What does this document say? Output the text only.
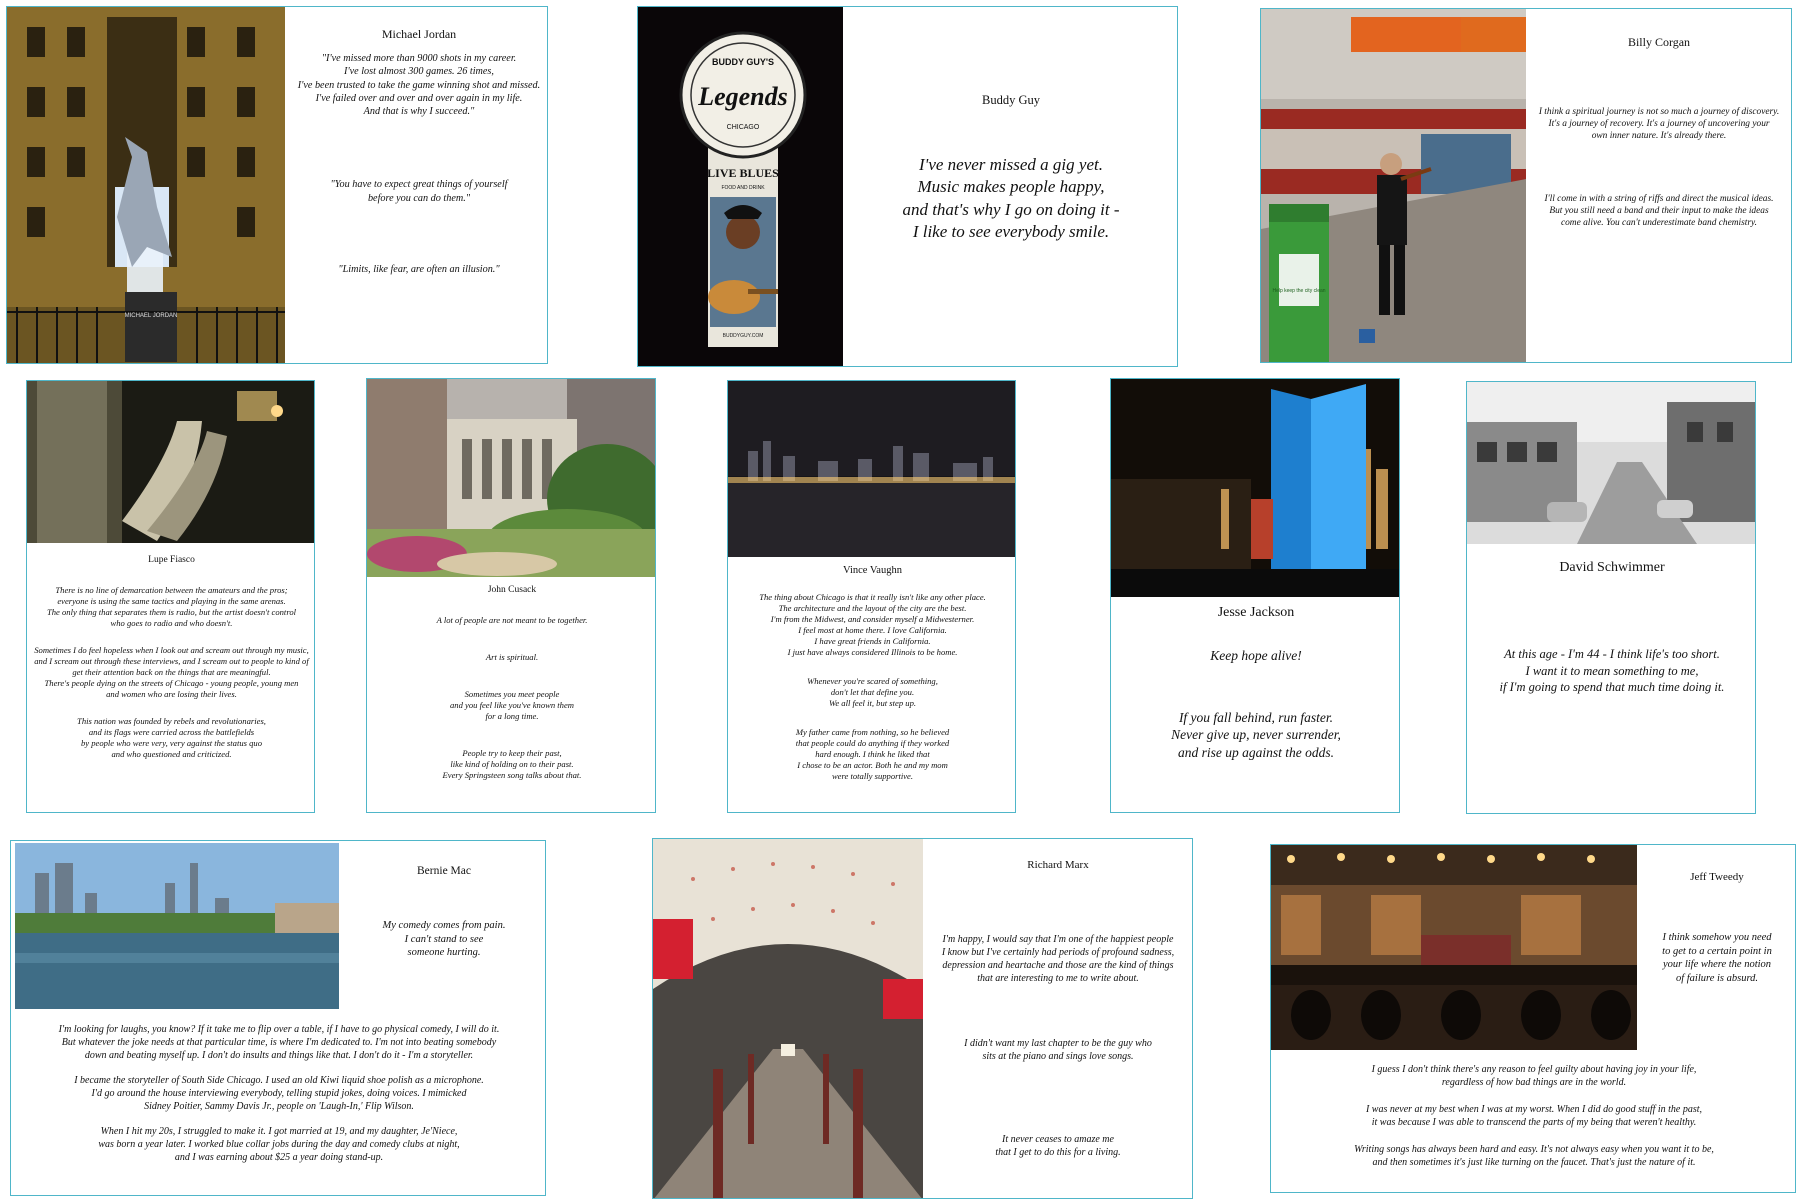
MICHAEL JORDAN

Michael Jordan

"I've missed more than 9000 shots in my career.
I've lost almost 300 games. 26 times,
I've been trusted to take the game winning shot and missed.
I've failed over and over and over again in my life.
And that is why I succeed."

"You have to expect great things of yourself
before you can do them."

"Limits, like fear, are often an illusion."

BUDDY GUY'S
Legends
CHICAGO
LIVE BLUES
FOOD AND DRINK
BUDDYGUY.COM

Buddy Guy

I've never missed a gig yet.
Music makes people happy,
and that's why I go on doing it -
I like to see everybody smile.

Help keep the city clean

Billy Corgan

I think a spiritual journey is not so much a journey of discovery.
It's a journey of recovery. It's a journey of uncovering your
own inner nature. It's already there.

I'll come in with a string of riffs and direct the musical ideas.
But you still need a band and their input to make the ideas
come alive. You can't underestimate band chemistry.

Lupe Fiasco

There is no line of demarcation between the amateurs and the pros;
everyone is using the same tactics and playing in the same arenas.
The only thing that separates them is radio, but the artist doesn't control
who goes to radio and who doesn't.

Sometimes I do feel hopeless when I look out and scream out through my music,
and I scream out through these interviews, and I scream out to people to kind of
get their attention back on the things that are meaningful.
There's people dying on the streets of Chicago - young people, young men
and women who are losing their lives.

This nation was founded by rebels and revolutionaries,
and its flags were carried across the battlefields
by people who were very, very against the status quo
and who questioned and criticized.

John Cusack

A lot of people are not meant to be together.

Art is spiritual.

Sometimes you meet people
and you feel like you've known them
for a long time.

People try to keep their past,
like kind of holding on to their past.
Every Springsteen song talks about that.

Vince Vaughn

The thing about Chicago is that it really isn't like any other place.
The architecture and the layout of the city are the best.
I'm from the Midwest, and consider myself a Midwesterner.
I feel most at home there. I love California.
I have great friends in California.
I just have always considered Illinois to be home.

Whenever you're scared of something,
don't let that define you.
We all feel it, but step up.

My father came from nothing, so he believed
that people could do anything if they worked
hard enough. I think he liked that
I chose to be an actor. Both he and my mom
were totally supportive.

Jesse Jackson

Keep hope alive!

If you fall behind, run faster.
Never give up, never surrender,
and rise up against the odds.

David Schwimmer

At this age - I'm 44 - I think life's too short.
I want it to mean something to me,
if I'm going to spend that much time doing it.

Bernie Mac

My comedy comes from pain.
I can't stand to see
someone hurting.

I'm looking for laughs, you know? If it take me to flip over a table, if I have to go physical comedy, I will do it.
But whatever the joke needs at that particular time, is where I'm dedicated to. I'm not into beating somebody
down and beating myself up. I don't do insults and things like that. I don't do it - I'm a storyteller.

I became the storyteller of South Side Chicago. I used an old Kiwi liquid shoe polish as a microphone.
I'd go around the house interviewing everybody, telling stupid jokes, doing voices. I mimicked
Sidney Poitier, Sammy Davis Jr., people on 'Laugh-In,' Flip Wilson.

When I hit my 20s, I struggled to make it. I got married at 19, and my daughter, Je'Niece,
was born a year later. I worked blue collar jobs during the day and comedy clubs at night,
and I was earning about $25 a year doing stand-up.

Richard Marx

I'm happy, I would say that I'm one of the happiest people
I know but I've certainly had periods of profound sadness,
depression and heartache and those are the kind of things
that are interesting to me to write about.

I didn't want my last chapter to be the guy who
sits at the piano and sings love songs.

It never ceases to amaze me
that I get to do this for a living.

Jeff Tweedy

I think somehow you need
to get to a certain point in
your life where the notion
of failure is absurd.

I guess I don't think there's any reason to feel guilty about having joy in your life,
regardless of how bad things are in the world.

I was never at my best when I was at my worst. When I did do good stuff in the past,
it was because I was able to transcend the parts of my being that weren't healthy.

Writing songs has always been hard and easy. It's not always easy when you want it to be,
and then sometimes it's just like turning on the faucet. That's just the nature of it.
